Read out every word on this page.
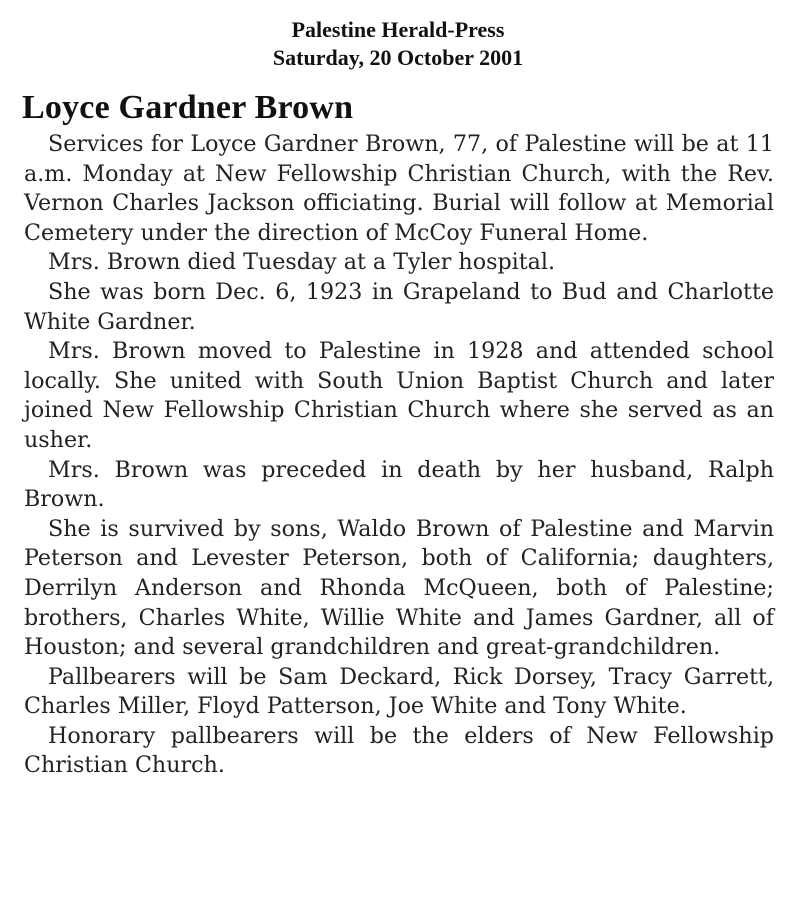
Palestine Herald-Press
Saturday, 20 October 2001
Loyce Gardner Brown

Services for Loyce Gardner Brown, 77, of Palestine will be at 11 a.m. Monday at New Fellowship Christian Church, with the Rev. Vernon Charles Jackson officiating. Burial will follow at Memorial Cemetery under the direction of McCoy Funeral Home.

Mrs. Brown died Tuesday at a Tyler hospital.

She was born Dec. 6, 1923 in Grapeland to Bud and Charlotte White Gardner.

Mrs. Brown moved to Palestine in 1928 and attended school locally. She united with South Union Baptist Church and later joined New Fellowship Christian Church where she served as an usher.

Mrs. Brown was preceded in death by her husband, Ralph Brown.

She is survived by sons, Waldo Brown of Palestine and Marvin Peterson and Levester Peterson, both of California; daughters, Derrilyn Anderson and Rhonda McQueen, both of Palestine; brothers, Charles White, Willie White and James Gardner, all of Houston; and several grandchildren and great-grandchildren.

Pallbearers will be Sam Deckard, Rick Dorsey, Tracy Garrett, Charles Miller, Floyd Patterson, Joe White and Tony White.

Honorary pallbearers will be the elders of New Fellowship Christian Church.
